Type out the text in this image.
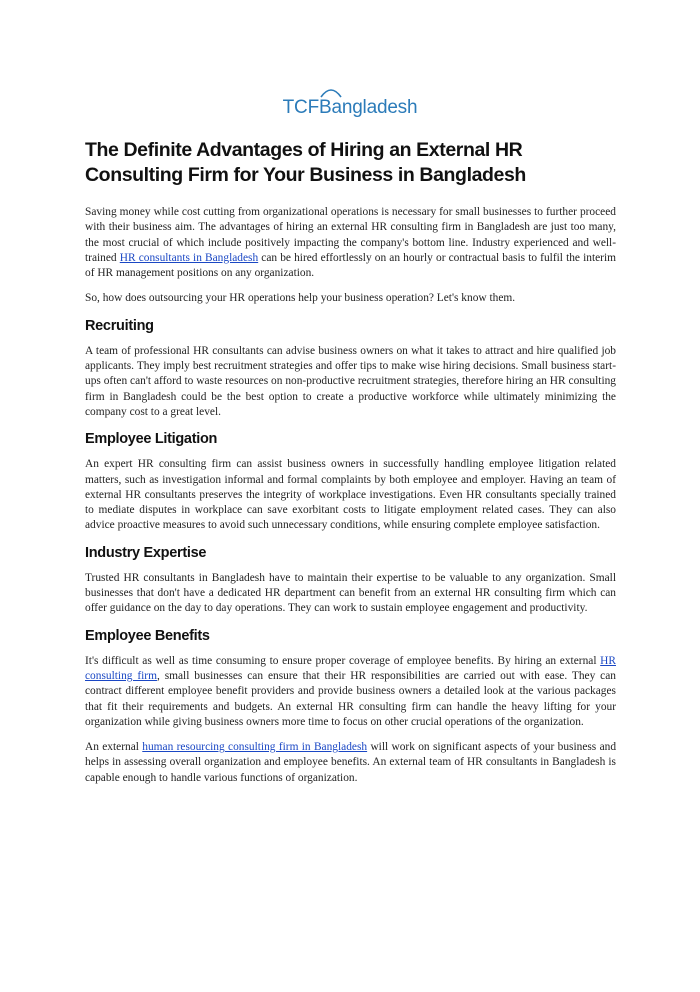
TCFBangladesh
The Definite Advantages of Hiring an External HR Consulting Firm for Your Business in Bangladesh

Saving money while cost cutting from organizational operations is necessary for small businesses to further proceed with their business aim. The advantages of hiring an external HR consulting firm in Bangladesh are just too many, the most crucial of which include positively impacting the company's bottom line. Industry experienced and well-trained HR consultants in Bangladesh can be hired effortlessly on an hourly or contractual basis to fulfil the interim of HR management positions on any organization.

So, how does outsourcing your HR operations help your business operation? Let's know them.

Recruiting

A team of professional HR consultants can advise business owners on what it takes to attract and hire qualified job applicants. They imply best recruitment strategies and offer tips to make wise hiring decisions. Small business start-ups often can't afford to waste resources on non-productive recruitment strategies, therefore hiring an HR consulting firm in Bangladesh could be the best option to create a productive workforce while ultimately minimizing the company cost to a great level.

Employee Litigation

An expert HR consulting firm can assist business owners in successfully handling employee litigation related matters, such as investigation informal and formal complaints by both employee and employer. Having an team of external HR consultants preserves the integrity of workplace investigations. Even HR consultants specially trained to mediate disputes in workplace can save exorbitant costs to litigate employment related cases. They can also advice proactive measures to avoid such unnecessary conditions, while ensuring complete employee satisfaction.

Industry Expertise

Trusted HR consultants in Bangladesh have to maintain their expertise to be valuable to any organization. Small businesses that don't have a dedicated HR department can benefit from an external HR consulting firm which can offer guidance on the day to day operations. They can work to sustain employee engagement and productivity.

Employee Benefits

It's difficult as well as time consuming to ensure proper coverage of employee benefits. By hiring an external HR consulting firm, small businesses can ensure that their HR responsibilities are carried out with ease. They can contract different employee benefit providers and provide business owners a detailed look at the various packages that fit their requirements and budgets. An external HR consulting firm can handle the heavy lifting for your organization while giving business owners more time to focus on other crucial operations of the organization.

An external human resourcing consulting firm in Bangladesh will work on significant aspects of your business and helps in assessing overall organization and employee benefits. An external team of HR consultants in Bangladesh is capable enough to handle various functions of organization.
